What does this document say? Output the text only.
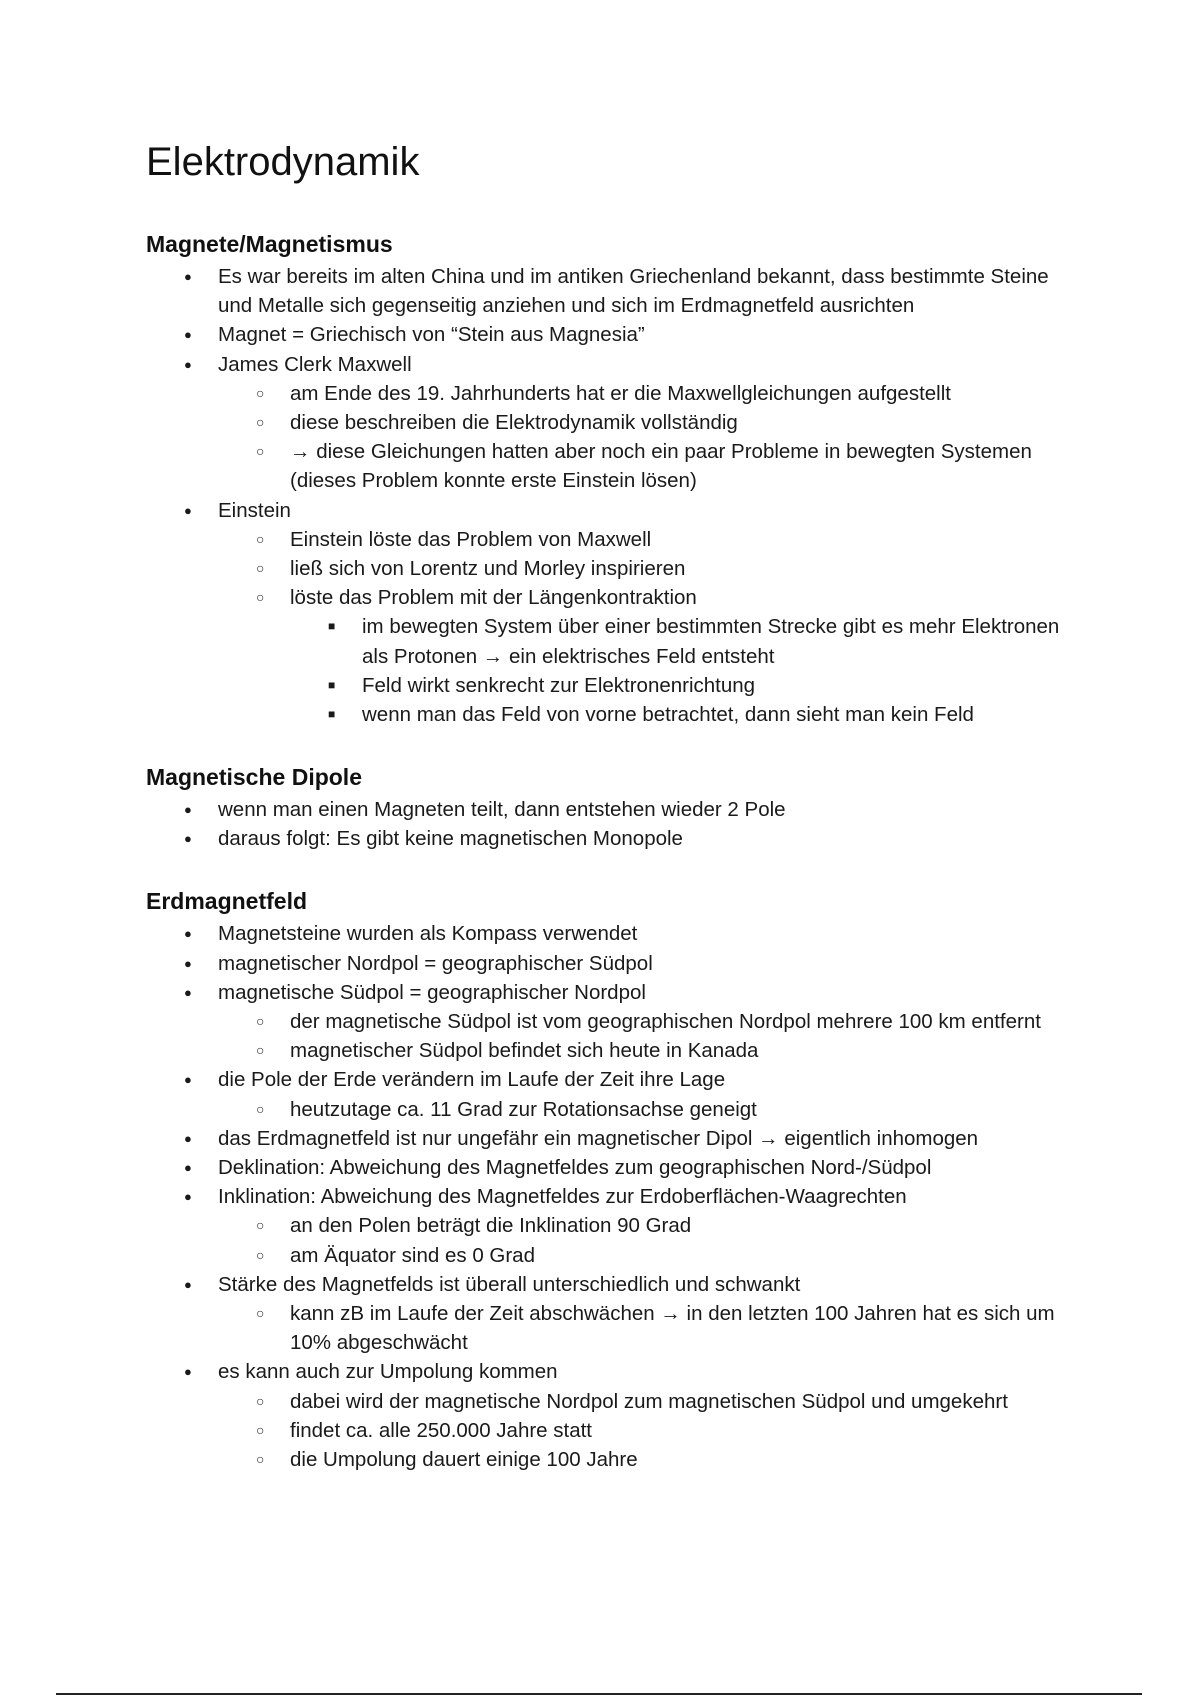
Elektrodynamik
Magnete/Magnetismus
● Es war bereits im alten China und im antiken Griechenland bekannt, dass bestimmte Steine und Metalle sich gegenseitig anziehen und sich im Erdmagnetfeld ausrichten
● Magnet = Griechisch von “Stein aus Magnesia”
● James Clerk Maxwell
○ am Ende des 19. Jahrhunderts hat er die Maxwellgleichungen aufgestellt
○ diese beschreiben die Elektrodynamik vollständig
○ → diese Gleichungen hatten aber noch ein paar Probleme in bewegten Systemen (dieses Problem konnte erste Einstein lösen)
● Einstein
○ Einstein löste das Problem von Maxwell
○ ließ sich von Lorentz und Morley inspirieren
○ löste das Problem mit der Längenkontraktion
■ im bewegten System über einer bestimmten Strecke gibt es mehr Elektronen als Protonen → ein elektrisches Feld entsteht
■ Feld wirkt senkrecht zur Elektronenrichtung
■ wenn man das Feld von vorne betrachtet, dann sieht man kein Feld
Magnetische Dipole
● wenn man einen Magneten teilt, dann entstehen wieder 2 Pole
● daraus folgt: Es gibt keine magnetischen Monopole
Erdmagnetfeld
● Magnetsteine wurden als Kompass verwendet
● magnetischer Nordpol = geographischer Südpol
● magnetische Südpol = geographischer Nordpol
○ der magnetische Südpol ist vom geographischen Nordpol mehrere 100 km entfernt
○ magnetischer Südpol befindet sich heute in Kanada
● die Pole der Erde verändern im Laufe der Zeit ihre Lage
○ heutzutage ca. 11 Grad zur Rotationsachse geneigt
● das Erdmagnetfeld ist nur ungefähr ein magnetischer Dipol → eigentlich inhomogen
● Deklination: Abweichung des Magnetfeldes zum geographischen Nord-/Südpol
● Inklination: Abweichung des Magnetfeldes zur Erdoberflächen-Waagrechten
○ an den Polen beträgt die Inklination 90 Grad
○ am Äquator sind es 0 Grad
● Stärke des Magnetfelds ist überall unterschiedlich und schwankt
○ kann zB im Laufe der Zeit abschwächen → in den letzten 100 Jahren hat es sich um 10% abgeschwächt
● es kann auch zur Umpolung kommen
○ dabei wird der magnetische Nordpol zum magnetischen Südpol und umgekehrt
○ findet ca. alle 250.000 Jahre statt
○ die Umpolung dauert einige 100 Jahre
